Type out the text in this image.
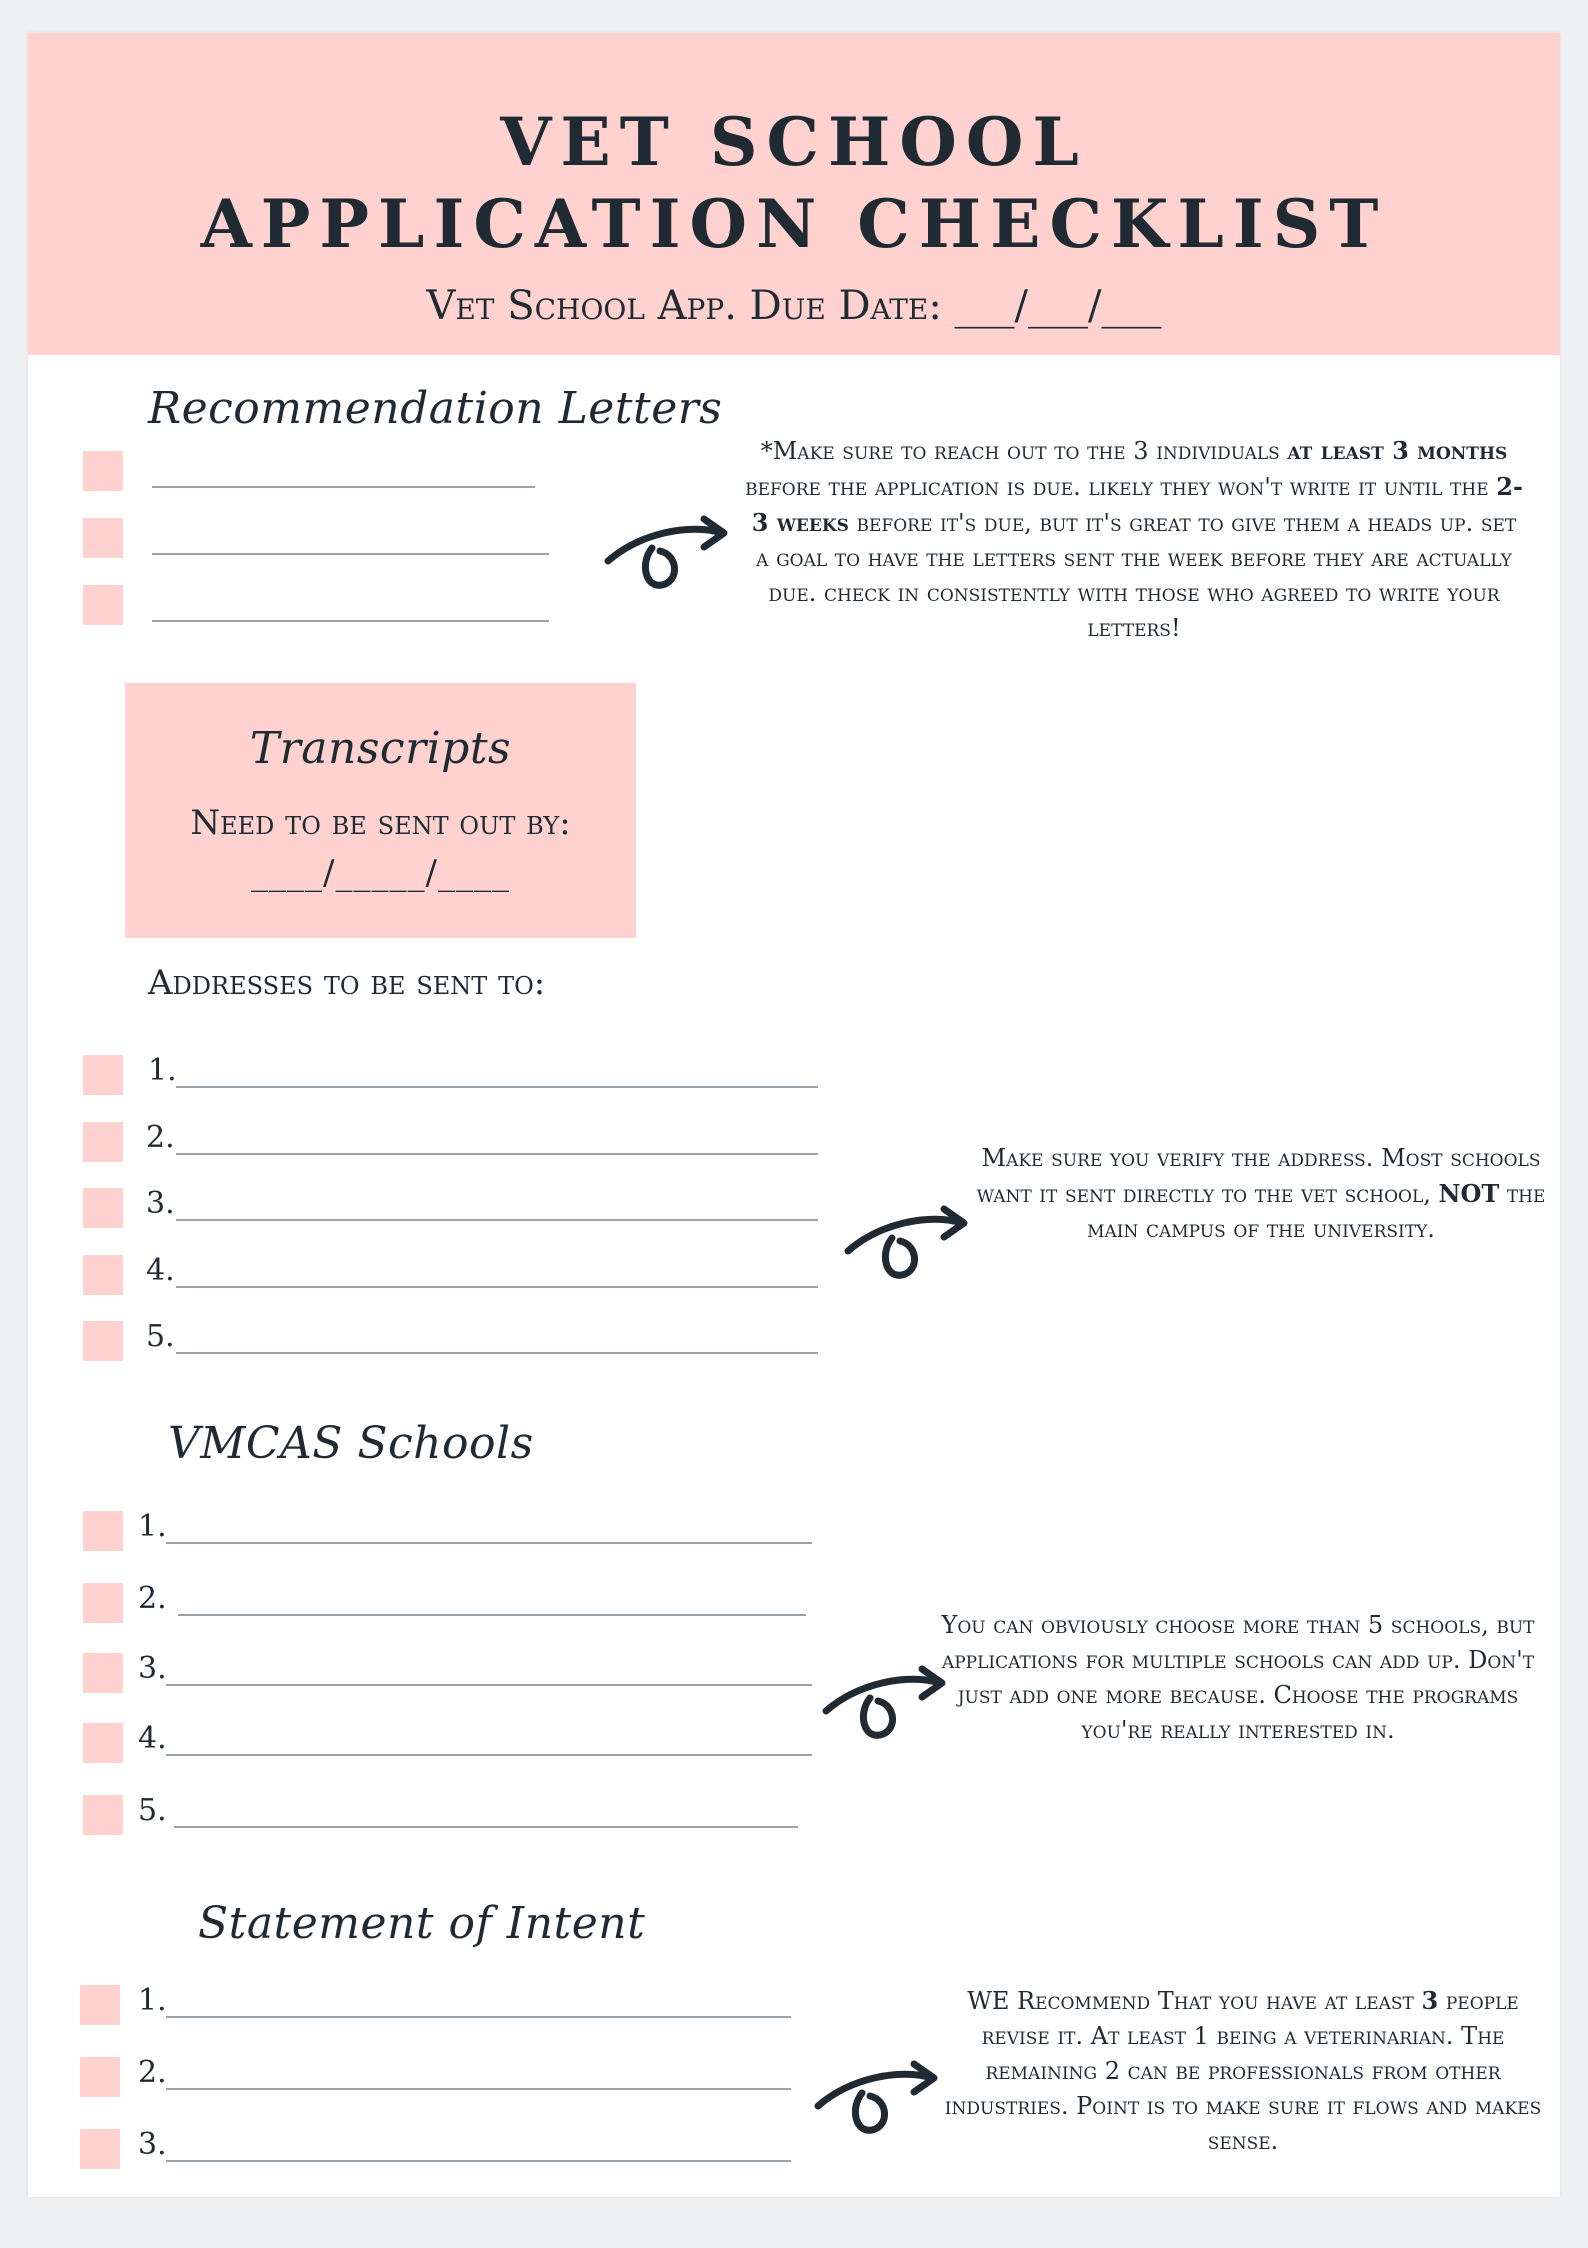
VET SCHOOL
APPLICATION CHECKLIST
Vet School App. Due Date: ___/___/___
Recommendation Letters
*Make sure to reach out to the 3 individuals at least 3 months before the application is due. likely they won't write it until the 2-3 weeks before it's due, but it's great to give them a heads up. set a goal to have the letters sent the week before they are actually due. check in consistently with those who agreed to write your letters!
Transcripts
Need to be sent out by:
____/_____/____
Addresses to be sent to:
1.
2.
3.
4.
5.
Make sure you verify the address. Most schools want it sent directly to the vet school, NOT the main campus of the university.
VMCAS Schools
1.
2.
3.
4.
5.
You can obviously choose more than 5 schools, but applications for multiple schools can add up. Don't just add one more because. Choose the programs you're really interested in.
Statement of Intent
1.
2.
3.
WE Recommend That you have at least 3 people revise it. At least 1 being a veterinarian. The remaining 2 can be professionals from other industries. Point is to make sure it flows and makes sense.
